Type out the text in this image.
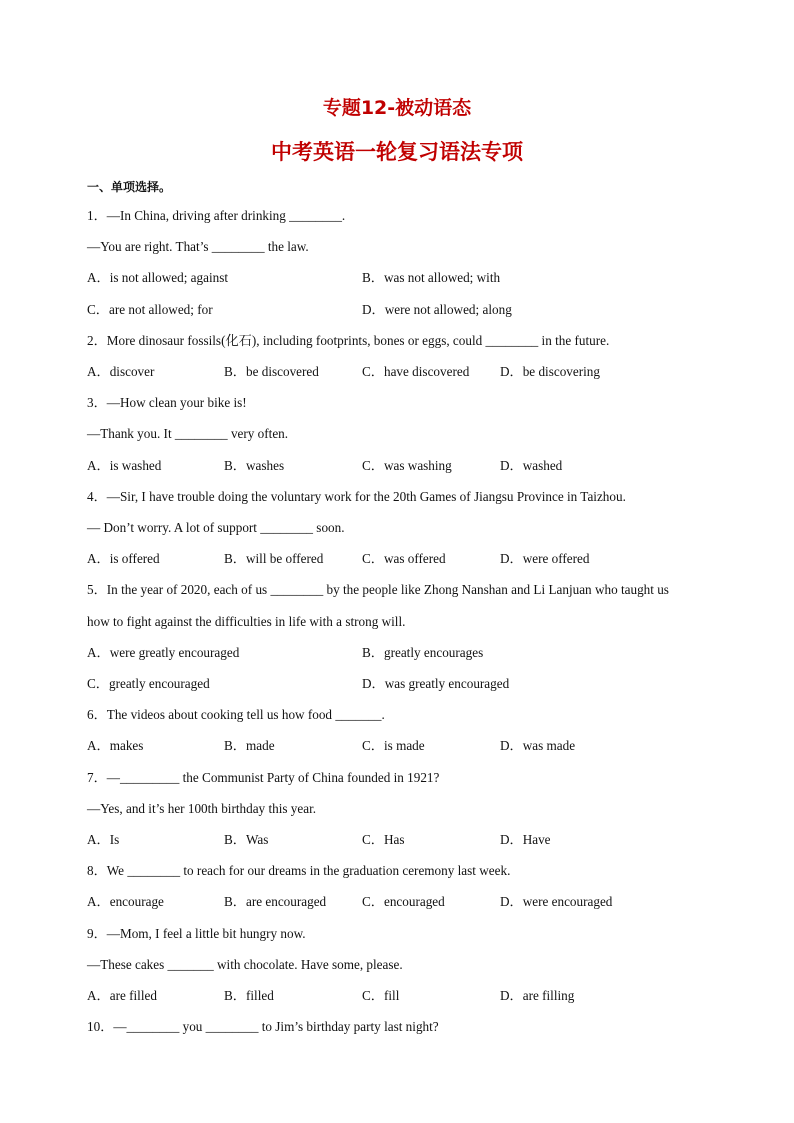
专题12-被动语态
中考英语一轮复习语法专项
一、单项选择。
1．—In China, driving after drinking ________.
—You are right. That’s ________ the law.
A．is not allowed; against	B．was not allowed; with
C．are not allowed; for	D．were not allowed; along
2．More dinosaur fossils(化石), including footprints, bones or eggs, could ________ in the future.
A．discover	B．be discovered	C．have discovered D．be discovering
3．—How clean your bike is!
—Thank you. It ________ very often.
A．is washed	B．washes	C．was washing	D．washed
4．—Sir, I have trouble doing the voluntary work for the 20th Games of Jiangsu Province in Taizhou.
— Don’t worry. A lot of support ________ soon.
A．is offered	B．will be offered	C．was offered	D．were offered
5．In the year of 2020, each of us ________ by the people like Zhong Nanshan and Li Lanjuan who taught us
how to fight against the difficulties in life with a strong will.
A．were greatly encouraged	B．greatly encourages
C．greatly encouraged	D．was greatly encouraged
6．The videos about cooking tell us how food _______.
A．makes	B．made	C．is made	D．was made
7．—_________ the Communist Party of China founded in 1921?
—Yes, and it’s her 100th birthday this year.
A．Is	B．Was	C．Has	D．Have
8．We ________ to reach for our dreams in the graduation ceremony last week.
A．encourage	B．are encouraged	C．encouraged	D．were encouraged
9．—Mom, I feel a little bit hungry now.
—These cakes _______ with chocolate. Have some, please.
A．are filled	B．filled	C．fill	D．are filling
10．—________ you ________ to Jim’s birthday party last night?
